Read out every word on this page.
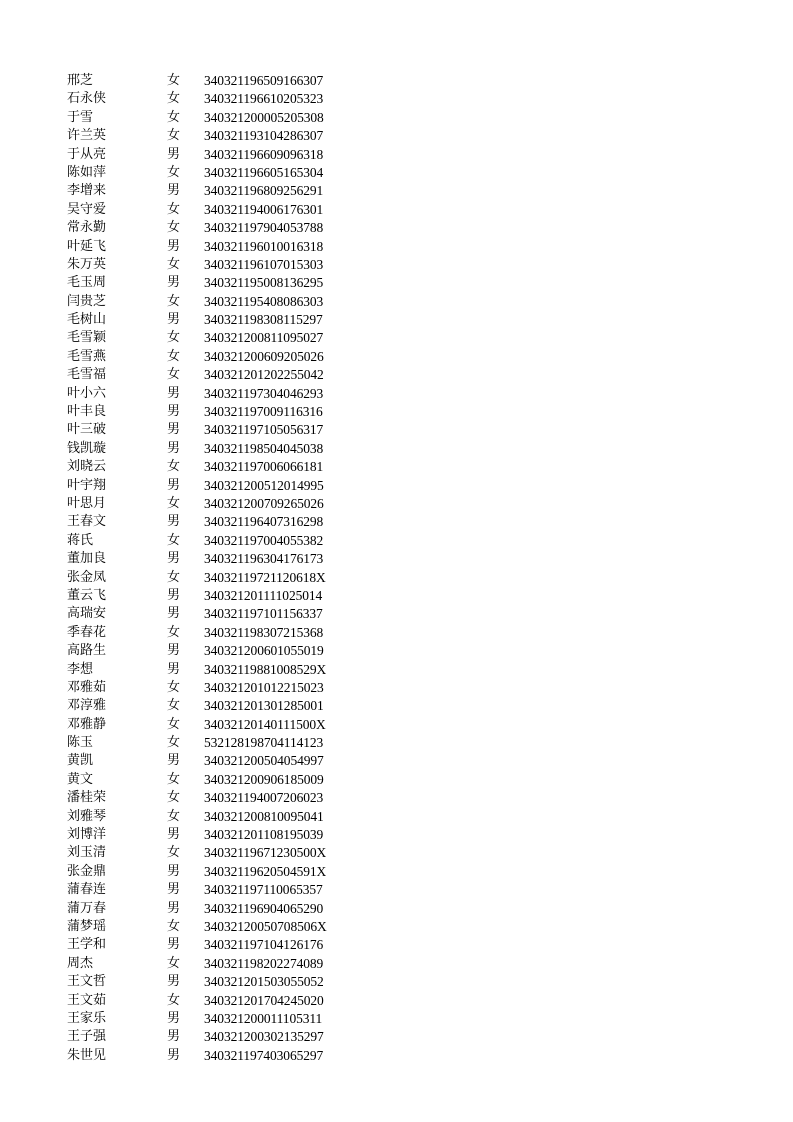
邢芝	女 340321196509166307
石永侠	女 340321196610205323
于雪	女 340321200005205308
许兰英	女 340321193104286307
于从亮	男 340321196609096318
陈如萍	女 340321196605165304
李增来	男 340321196809256291
吴守爱	女 340321194006176301
常永勤	女 340321197904053788
叶延飞	男 340321196010016318
朱万英	女 340321196107015303
毛玉周	男 340321195008136295
闫贵芝	女 340321195408086303
毛树山	男 340321198308115297
毛雪颖	女 340321200811095027
毛雪燕	女 340321200609205026
毛雪福	女 340321201202255042
叶小六	男 340321197304046293
叶丰良	男 340321197009116316
叶三破	男 340321197105056317
钱凯璇	男 340321198504045038
刘晓云	女 340321197006066181
叶宇翔	男 340321200512014995
叶思月	女 340321200709265026
王春文	男 340321196407316298
蒋氏	女 340321197004055382
董加良	男 340321196304176173
张金凤	女 34032119721120618X
董云飞	男 340321201111025014
高瑞安	男 340321197101156337
季春花	女 340321198307215368
高路生	男 340321200601055019
李想	男 34032119881008529X
邓雅茹	女 340321201012215023
邓淳雅	女 340321201301285001
邓雅静	女 34032120140111500X
陈玉	女 532128198704114123
黄凯	男 340321200504054997
黄文	女 340321200906185009
潘桂荣	女 340321194007206023
刘雅琴	女 340321200810095041
刘博洋	男 340321201108195039
刘玉清	女 34032119671230500X
张金鼎	男 34032119620504591X
蒲春连	男 340321197110065357
蒲万春	男 340321196904065290
蒲梦瑶	女 34032120050708506X
王学和	男 340321197104126176
周杰	女 340321198202274089
王文哲	男 340321201503055052
王文茹	女 340321201704245020
王家乐	男 340321200011105311
王子强	男 340321200302135297
朱世见	男 340321197403065297
